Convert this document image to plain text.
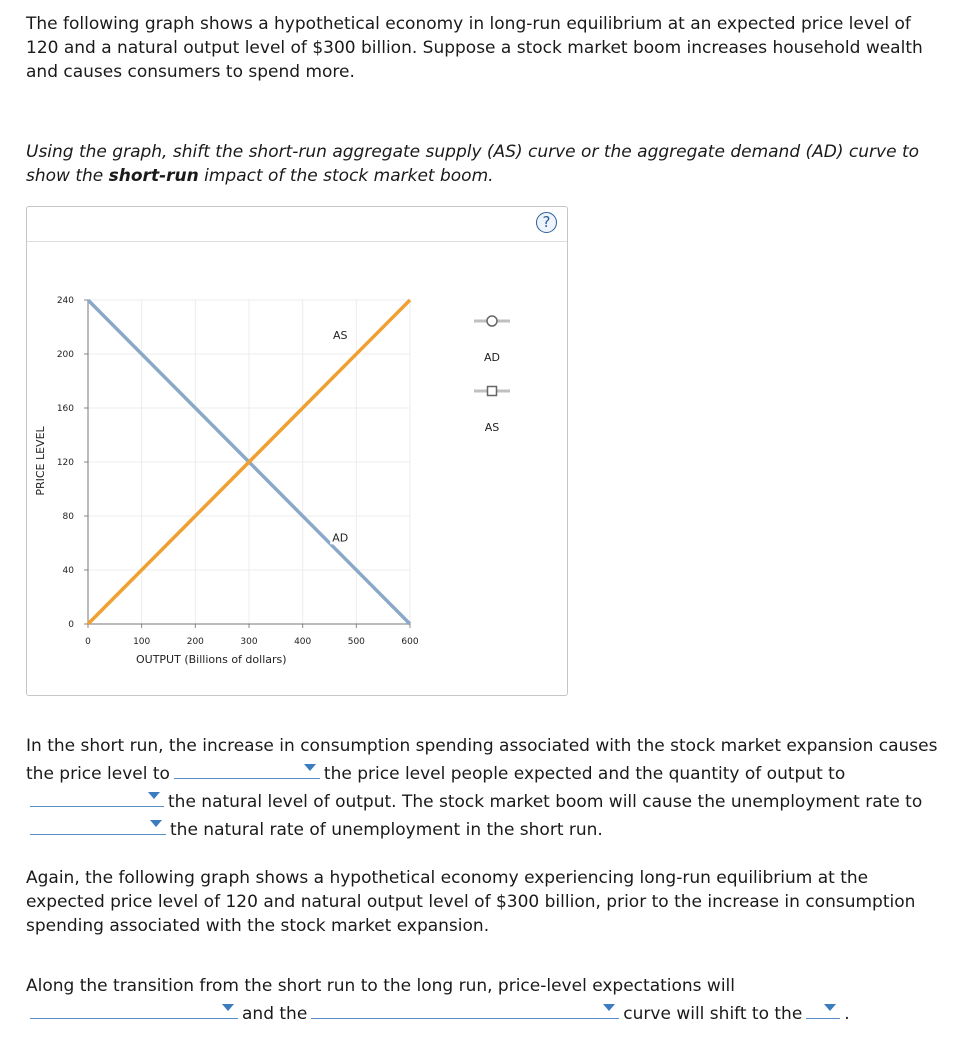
The following graph shows a hypothetical economy in long-run equilibrium at an expected price level of 120 and a natural output level of $300 billion. Suppose a stock market boom increases household wealth and causes consumers to spend more.
Using the graph, shift the short-run aggregate supply (AS) curve or the aggregate demand (AD) curve to show the short-run impact of the stock market boom.
?
0
40
80
120
160
200
240
0	100	200	300	400	500	600
AD
AS
AD
AS
PRICE LEVEL
OUTPUT (Billions of dollars)
In the short run, the increase in consumption spending associated with the stock market expansion causes the price level to	the price level people expected and the quantity of output to
the natural level of output. The stock market boom will cause the unemployment rate to
the natural rate of unemployment in the short run.
Again, the following graph shows a hypothetical economy experiencing long-run equilibrium at the expected price level of 120 and natural output level of $300 billion, prior to the increase in consumption spending associated with the stock market expansion.
Along the transition from the short run to the long run, price-level expectations will
and the	curve will shift to the .
